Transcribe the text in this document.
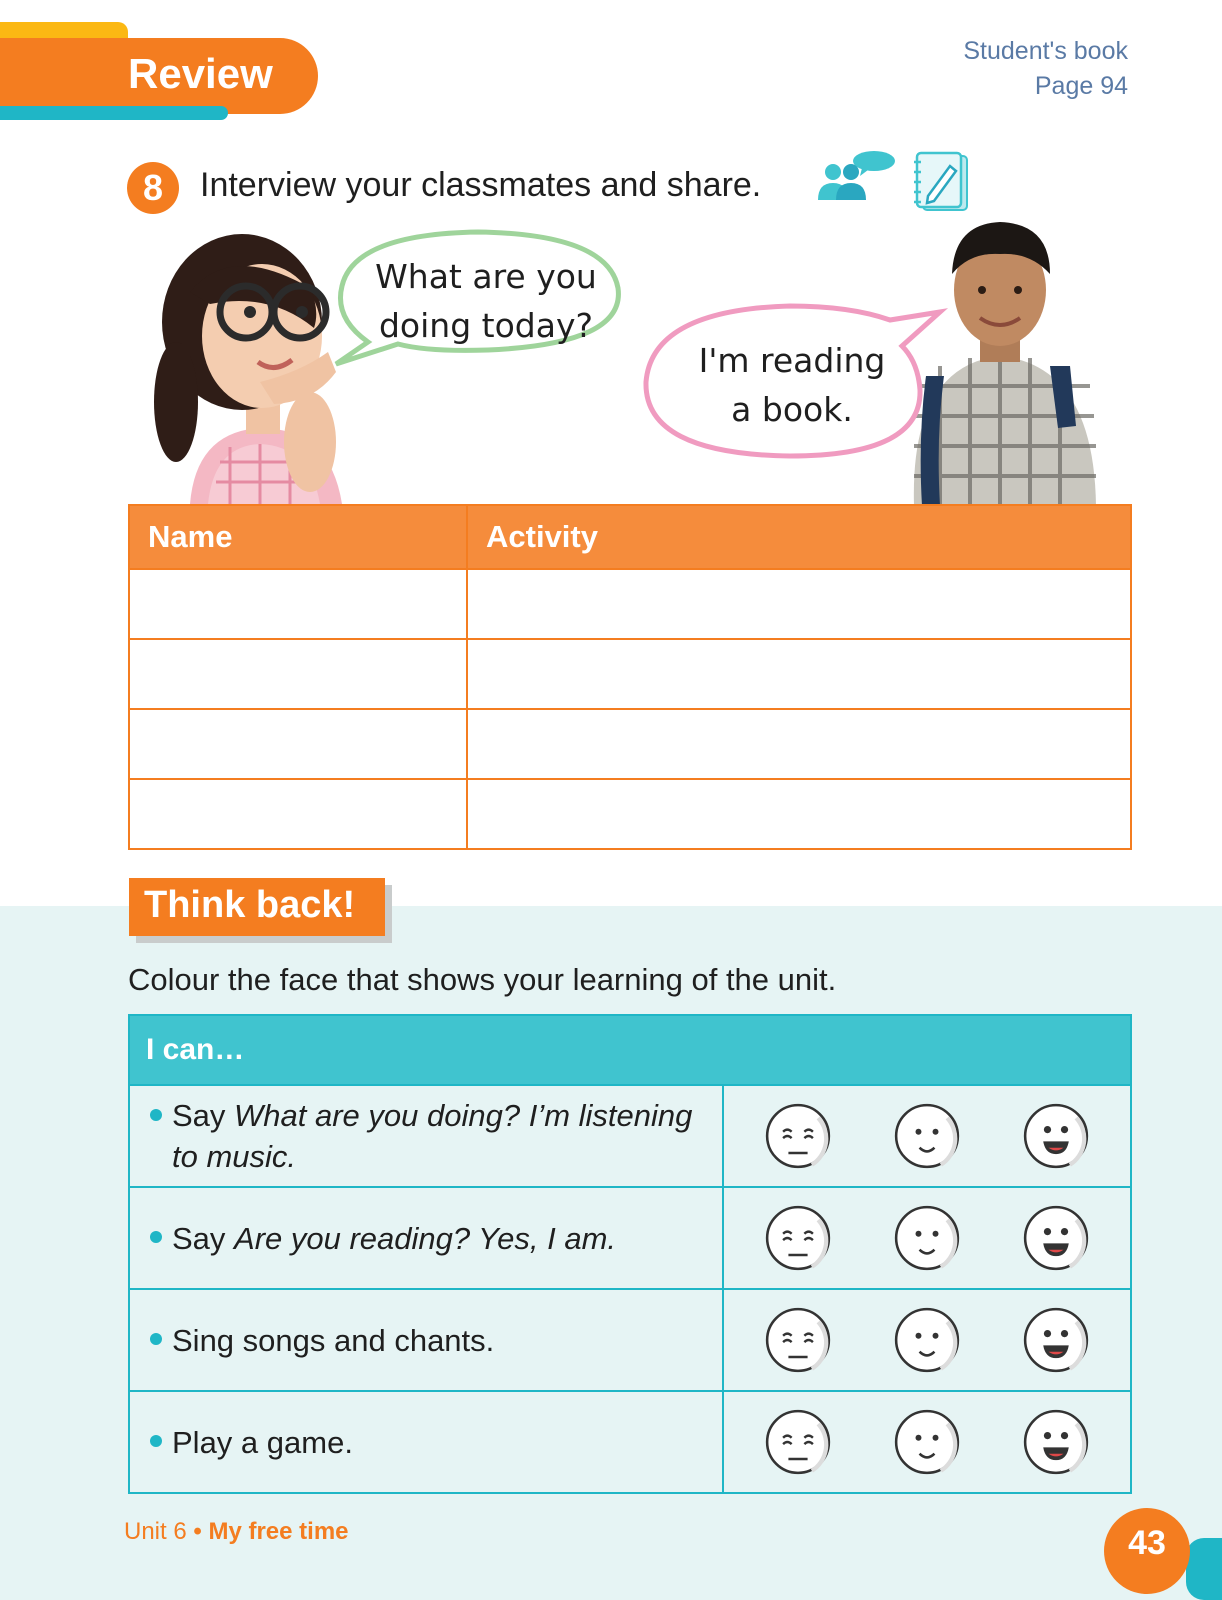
Review	Student's book
Page 94
8	Interview your classmates and share.
What are you
doing today?
I'm reading
a book.
Name	Activity

Think back!
Colour the face that shows your learning of the unit.
I can…	
Say What are you doing? I’m listening to music.	

Say Are you reading? Yes, I am.	

Sing songs and chants.	

Play a game.	
Unit 6 • My free time	43
